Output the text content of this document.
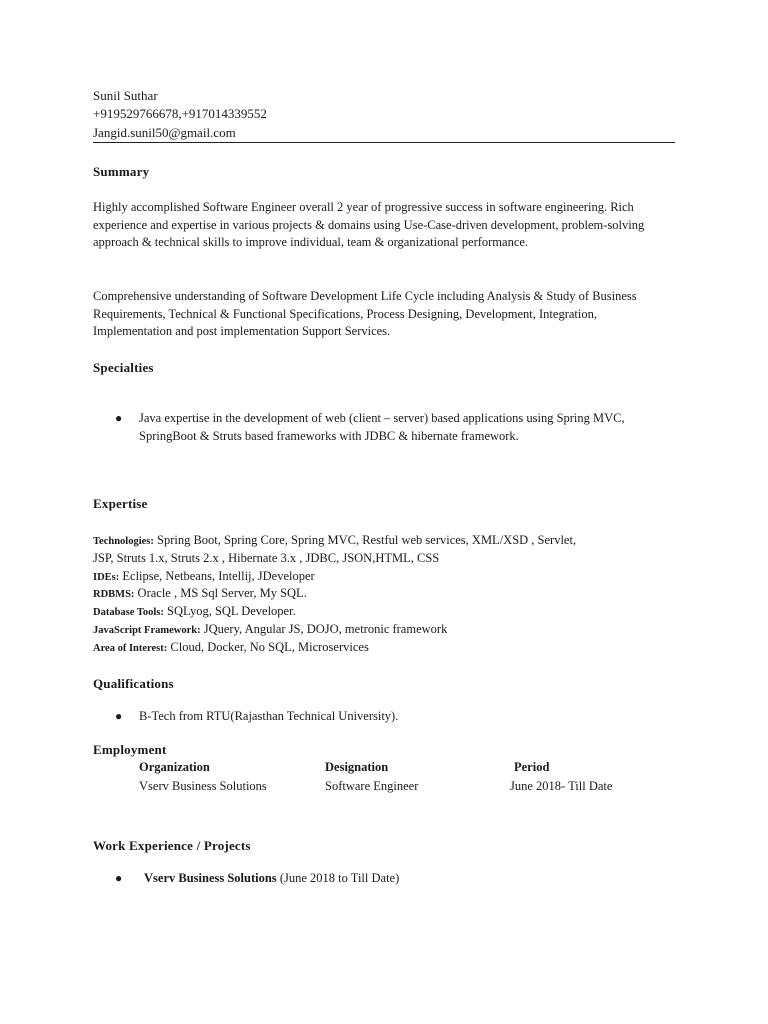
Sunil Suthar
+919529766678,+917014339552
Jangid.sunil50@gmail.com
Summary
Highly accomplished Software Engineer overall 2 year of progressive success in software engineering. Rich experience and expertise in various projects & domains using Use-Case-driven development, problem-solving approach & technical skills to improve individual, team & organizational performance.
Comprehensive understanding of Software Development Life Cycle including Analysis & Study of Business Requirements, Technical & Functional Specifications, Process Designing, Development, Integration, Implementation and post implementation Support Services.
Specialties
● Java expertise in the development of web (client – server) based applications using Spring MVC, SpringBoot & Struts based frameworks with JDBC & hibernate framework.
Expertise
Technologies: Spring Boot, Spring Core, Spring MVC, Restful web services, XML/XSD , Servlet,
JSP, Struts 1.x, Struts 2.x , Hibernate 3.x , JDBC, JSON,HTML, CSS
IDEs: Eclipse, Netbeans, Intellij, JDeveloper
RDBMS: Oracle , MS Sql Server, My SQL.
Database Tools: SQLyog, SQL Developer.
JavaScript Framework: JQuery, Angular JS, DOJO, metronic framework
Area of Interest: Cloud, Docker, No SQL, Microservices
Qualifications
● B-Tech from RTU(Rajasthan Technical University).
Employment
Organization	Designation	Period
Vserv Business Solutions	Software Engineer	June 2018- Till Date
Work Experience / Projects
● Vserv Business Solutions (June 2018 to Till Date)
